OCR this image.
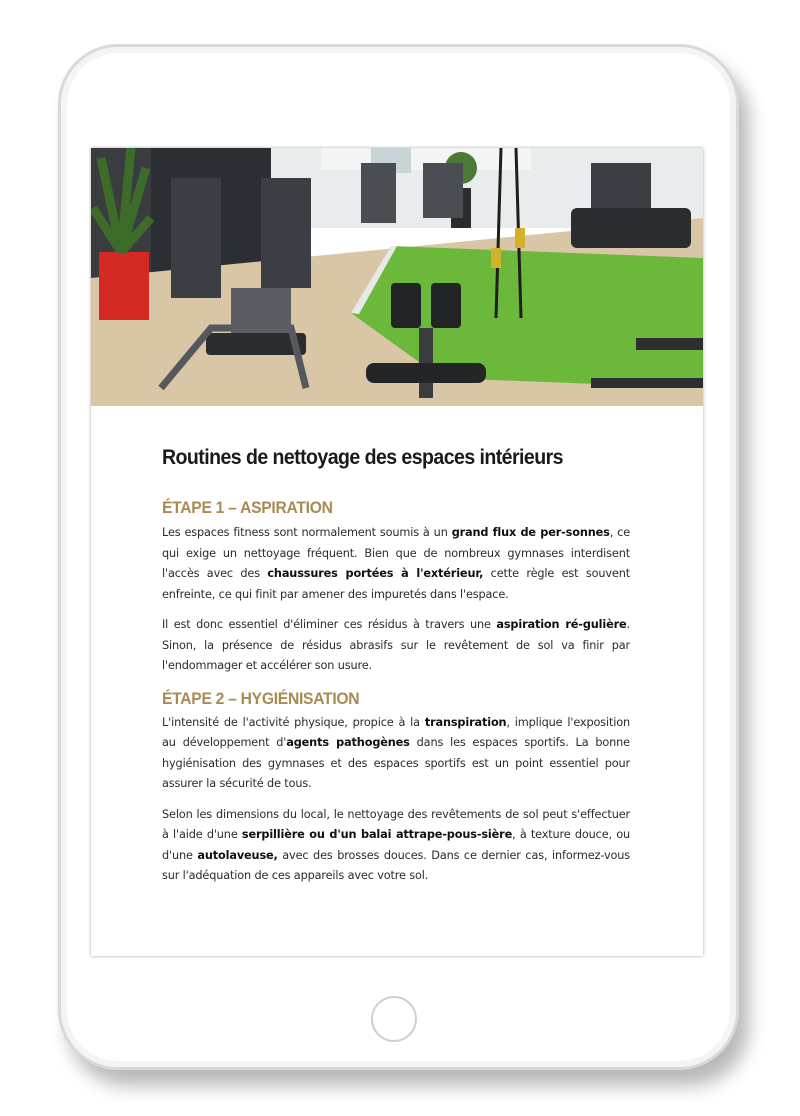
Routines de nettoyage des espaces intérieurs
ÉTAPE 1 – ASPIRATION

Les espaces fitness sont normalement soumis à un grand flux de per-sonnes, ce qui exige un nettoyage fréquent. Bien que de nombreux gymnases interdisent l'accès avec des chaussures portées à l'extérieur, cette règle est souvent enfreinte, ce qui finit par amener des impuretés dans l'espace.

Il est donc essentiel d'éliminer ces résidus à travers une aspiration ré-gulière. Sinon, la présence de résidus abrasifs sur le revêtement de sol va finir par l'endommager et accélérer son usure.

ÉTAPE 2 – HYGIÉNISATION

L'intensité de l'activité physique, propice à la transpiration, implique l'exposition au développement d'agents pathogènes dans les espaces sportifs. La bonne hygiénisation des gymnases et des espaces sportifs est un point essentiel pour assurer la sécurité de tous.

Selon les dimensions du local, le nettoyage des revêtements de sol peut s'effectuer à l'aide d'une serpillière ou d'un balai attrape-pous-sière, à texture douce, ou d'une autolaveuse, avec des brosses douces. Dans ce dernier cas, informez-vous sur l'adéquation de ces appareils avec votre sol.
